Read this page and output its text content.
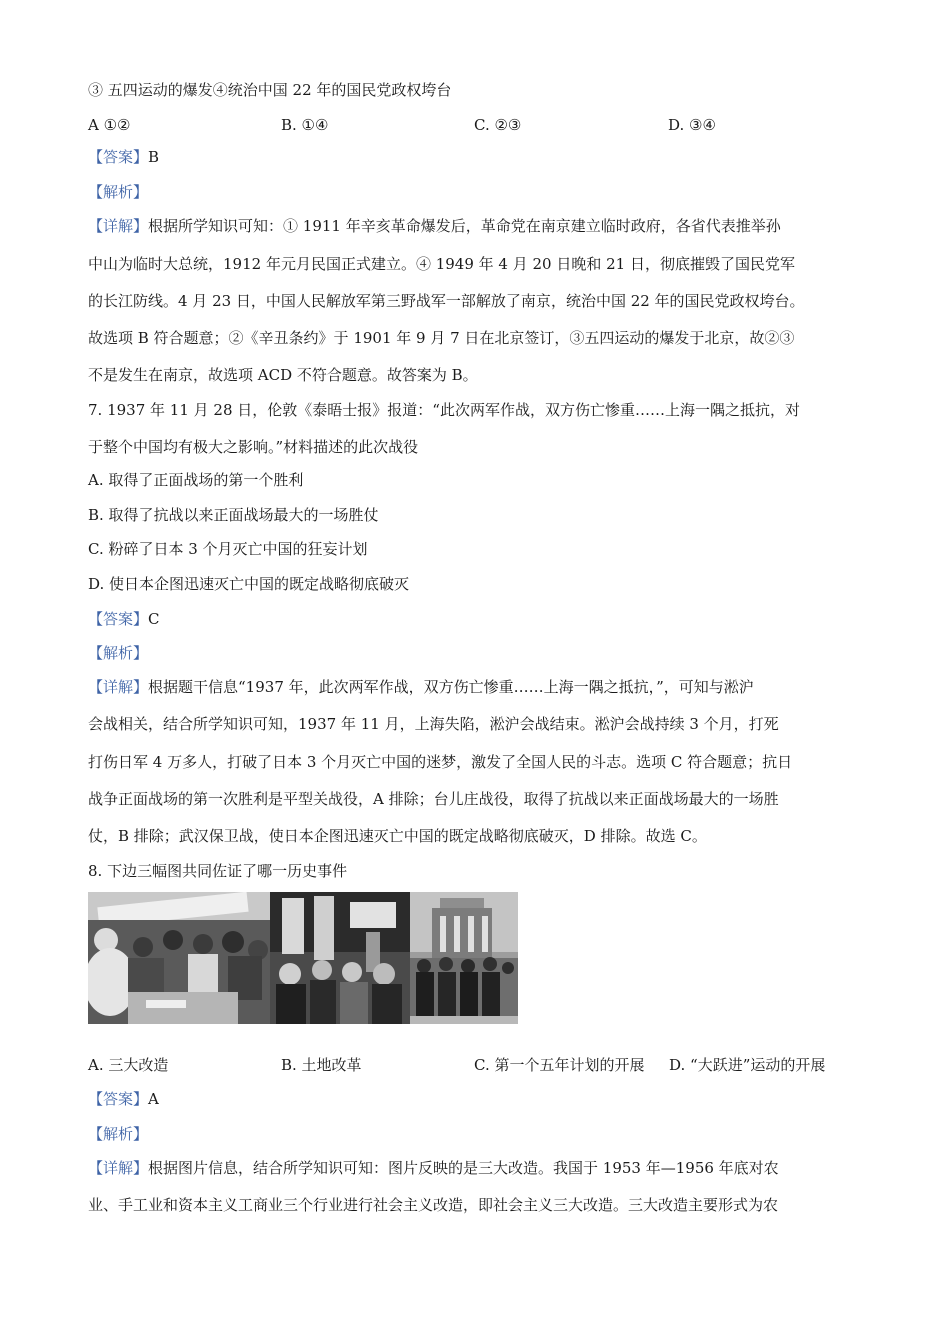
③ 五四运动的爆发④统治中国 22 年的国民党政权垮台
A ①②	B. ①④	C. ②③	D. ③④
【答案】B
【解析】
【详解】根据所学知识可知：① 1911 年辛亥革命爆发后，革命党在南京建立临时政府，各省代表推举孙
中山为临时大总统，1912 年元月民国正式建立。④ 1949 年 4 月 20 日晚和 21 日，彻底摧毁了国民党军
的长江防线。4 月 23 日，中国人民解放军第三野战军一部解放了南京，统治中国 22 年的国民党政权垮台。
故选项 B 符合题意；②《辛丑条约》于 1901 年 9 月 7 日在北京签订，③五四运动的爆发于北京，故②③
不是发生在南京，故选项 ACD 不符合题意。故答案为 B。
7. 1937 年 11 月 28 日，伦敦《泰晤士报》报道：“此次两军作战，双方伤亡惨重……上海一隅之抵抗，对
于整个中国均有极大之影响。”材料描述的此次战役
A. 取得了正面战场的第一个胜利
B. 取得了抗战以来正面战场最大的一场胜仗
C. 粉碎了日本 3 个月灭亡中国的狂妄计划
D. 使日本企图迅速灭亡中国的既定战略彻底破灭
【答案】C
【解析】
【详解】根据题干信息“1937 年，此次两军作战，双方伤亡惨重……上海一隅之抵抗，”，可知与淞沪
会战相关，结合所学知识可知，1937 年 11 月，上海失陷，淞沪会战结束。淞沪会战持续 3 个月，打死
打伤日军 4 万多人，打破了日本 3 个月灭亡中国的迷梦，激发了全国人民的斗志。选项 C 符合题意；抗日
战争正面战场的第一次胜利是平型关战役，A 排除；台儿庄战役，取得了抗战以来正面战场最大的一场胜
仗，B 排除；武汉保卫战，使日本企图迅速灭亡中国的既定战略彻底破灭，D 排除。故选 C。
8. 下边三幅图共同佐证了哪一历史事件
A. 三大改造	B. 土地改革	C. 第一个五年计划的开展 D. “大跃进”运动的开展
【答案】A
【解析】
【详解】根据图片信息，结合所学知识可知：图片反映的是三大改造。我国于 1953 年—1956 年底对农
业、手工业和资本主义工商业三个行业进行社会主义改造，即社会主义三大改造。三大改造主要形式为农
